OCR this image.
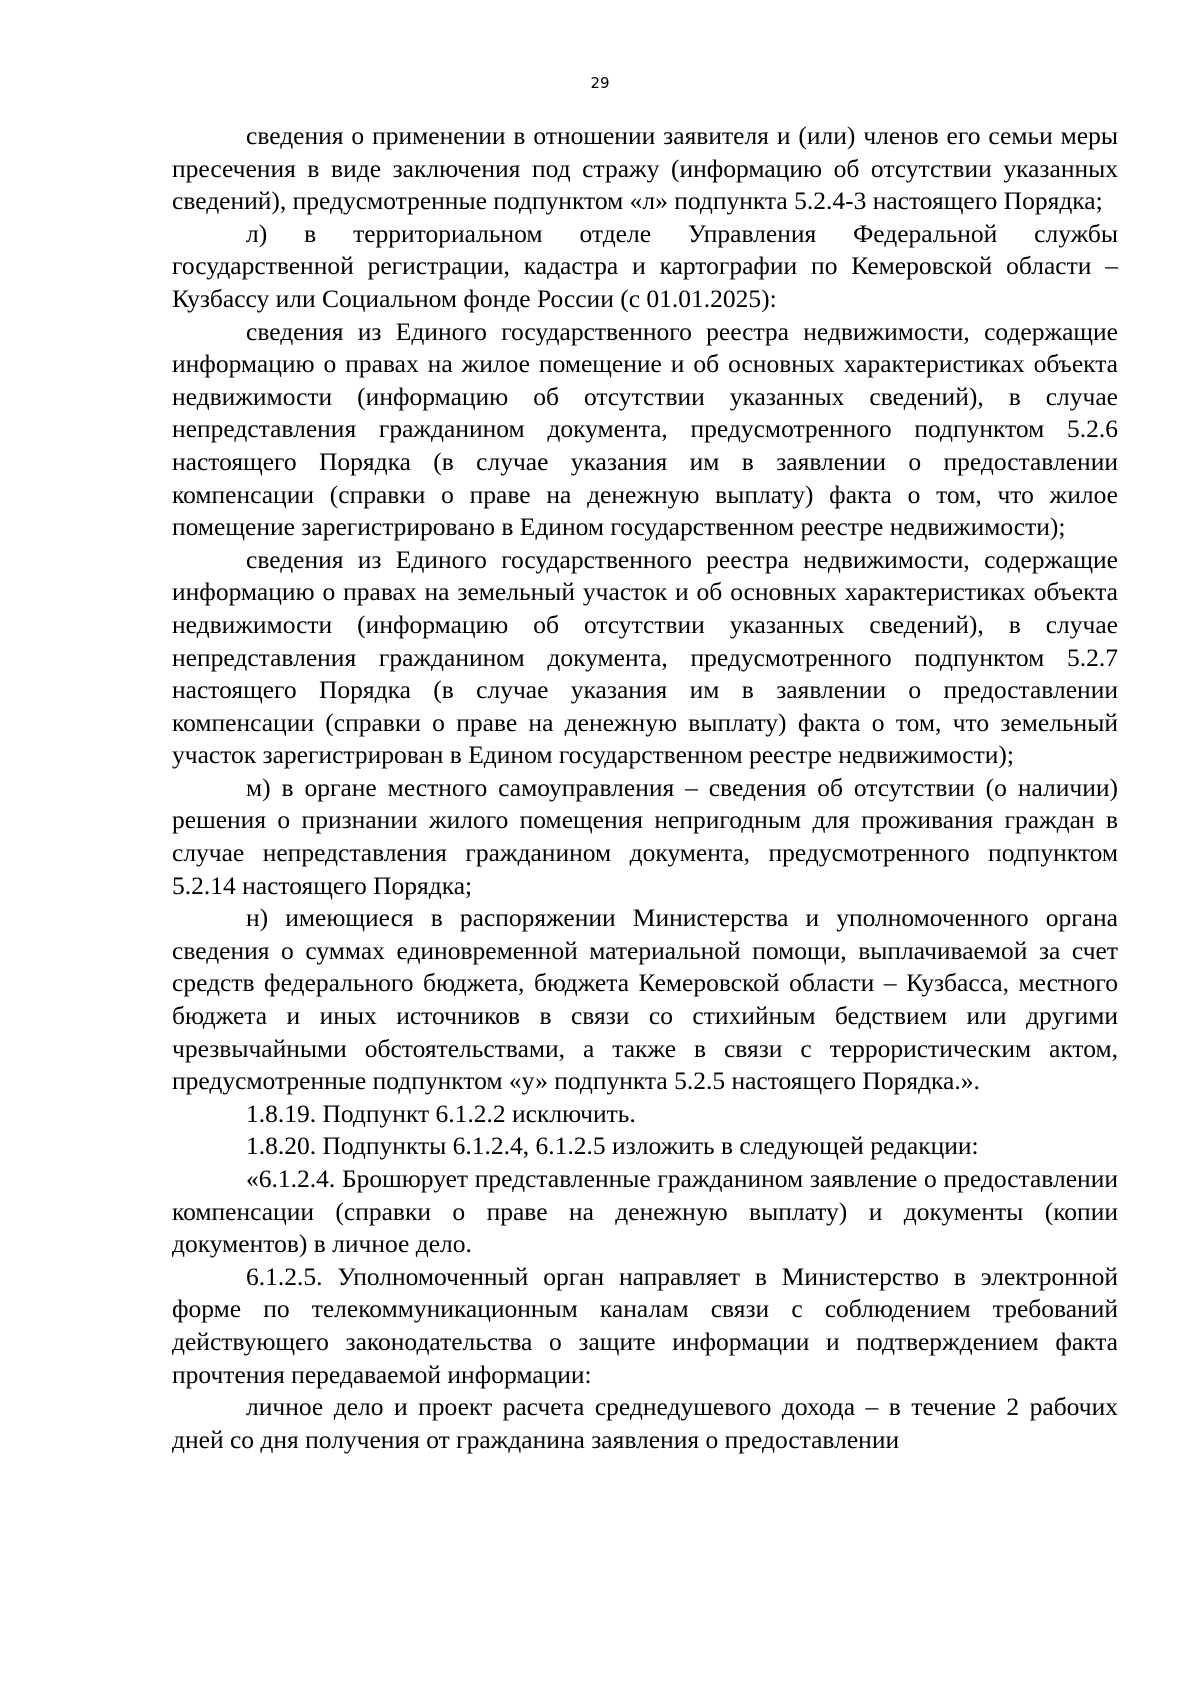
29

сведения о применении в отношении заявителя и (или) членов его семьи меры пресечения в виде заключения под стражу (информацию об отсутствии указанных сведений), предусмотренные подпунктом «л» подпункта 5.2.4-3 настоящего Порядка;

л) в территориальном отделе Управления Федеральной службы государственной регистрации, кадастра и картографии по Кемеровской области – Кузбассу или Социальном фонде России (с 01.01.2025):

сведения из Единого государственного реестра недвижимости, содержащие информацию о правах на жилое помещение и об основных характеристиках объекта недвижимости (информацию об отсутствии указанных сведений), в случае непредставления гражданином документа, предусмотренного подпунктом 5.2.6 настоящего Порядка (в случае указания им в заявлении о предоставлении компенсации (справки о праве на денежную выплату) факта о том, что жилое помещение зарегистрировано в Едином государственном реестре недвижимости);

сведения из Единого государственного реестра недвижимости, содержащие информацию о правах на земельный участок и об основных характеристиках объекта недвижимости (информацию об отсутствии указанных сведений), в случае непредставления гражданином документа, предусмотренного подпунктом 5.2.7 настоящего Порядка (в случае указания им в заявлении о предоставлении компенсации (справки о праве на денежную выплату) факта о том, что земельный участок зарегистрирован в Едином государственном реестре недвижимости);

м) в органе местного самоуправления – сведения об отсутствии (о наличии) решения о признании жилого помещения непригодным для проживания граждан в случае непредставления гражданином документа, предусмотренного подпунктом 5.2.14 настоящего Порядка;

н) имеющиеся в распоряжении Министерства и уполномоченного органа сведения о суммах единовременной материальной помощи, выплачиваемой за счет средств федерального бюджета, бюджета Кемеровской области – Кузбасса, местного бюджета и иных источников в связи со стихийным бедствием или другими чрезвычайными обстоятельствами, а также в связи с террористическим актом, предусмотренные подпунктом «у» подпункта 5.2.5 настоящего Порядка.».

1.8.19. Подпункт 6.1.2.2 исключить.

1.8.20. Подпункты 6.1.2.4, 6.1.2.5 изложить в следующей редакции:

«6.1.2.4. Брошюрует представленные гражданином заявление о предоставлении компенсации (справки о праве на денежную выплату) и документы (копии документов) в личное дело.

6.1.2.5. Уполномоченный орган направляет в Министерство в электронной форме по телекоммуникационным каналам связи с соблюдением требований действующего законодательства о защите информации и подтверждением факта прочтения передаваемой информации:

личное дело и проект расчета среднедушевого дохода – в течение 2 рабочих дней со дня получения от гражданина заявления о предоставлении
